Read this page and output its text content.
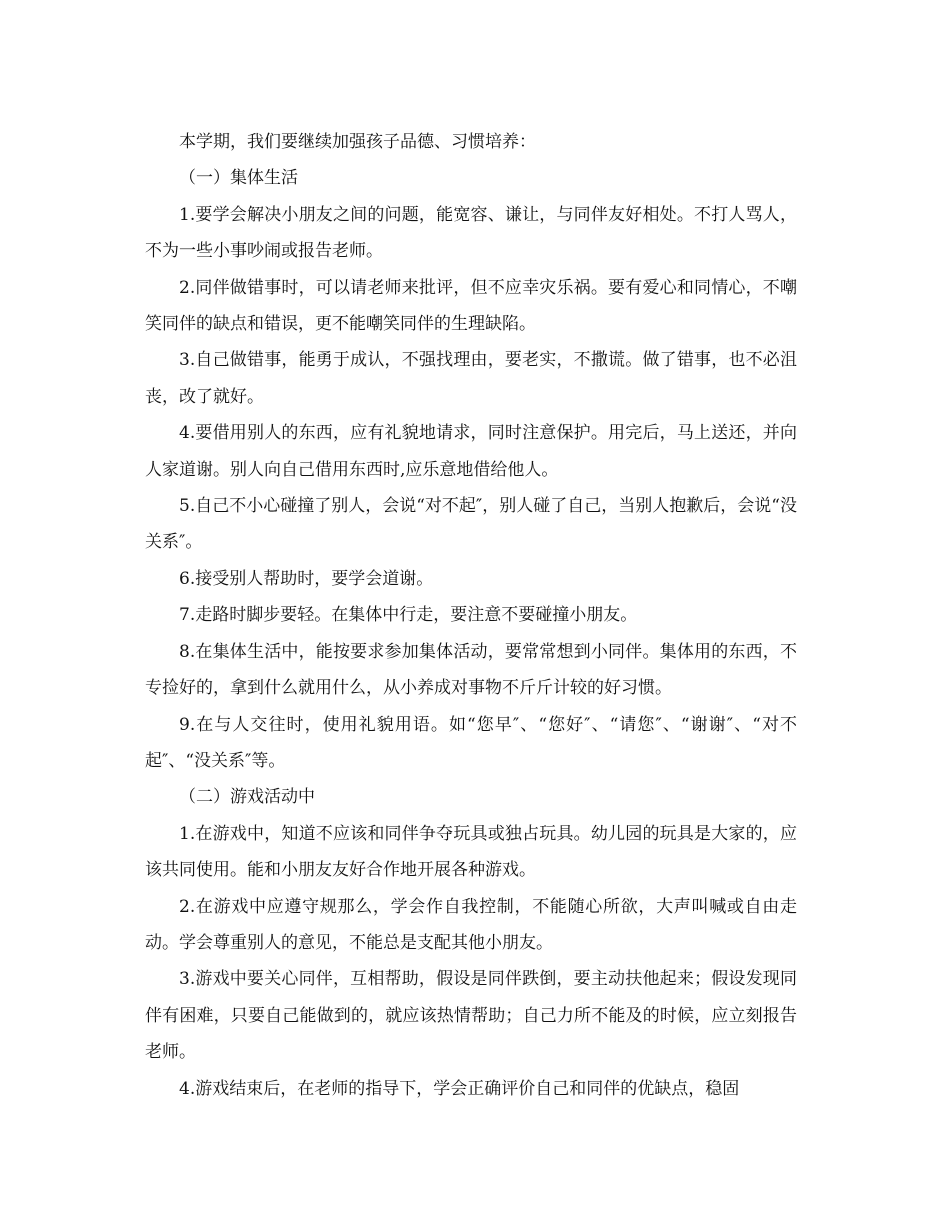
本学期，我们要继续加强孩子品德、习惯培养：

（一）集体生活

1.要学会解决小朋友之间的问题，能宽容、谦让，与同伴友好相处。不打人骂人，不为一些小事吵闹或报告老师。

2.同伴做错事时，可以请老师来批评，但不应幸灾乐祸。要有爱心和同情心，不嘲笑同伴的缺点和错误，更不能嘲笑同伴的生理缺陷。

3.自己做错事，能勇于成认，不强找理由，要老实，不撒谎。做了错事，也不必沮丧，改了就好。

4.要借用别人的东西，应有礼貌地请求，同时注意保护。用完后，马上送还，并向人家道谢。别人向自己借用东西时,应乐意地借给他人。

5.自己不小心碰撞了别人，会说“对不起″，别人碰了自己，当别人抱歉后，会说“没关系″。

6.接受别人帮助时，要学会道谢。

7.走路时脚步要轻。在集体中行走，要注意不要碰撞小朋友。

8.在集体生活中，能按要求参加集体活动，要常常想到小同伴。集体用的东西，不专捡好的，拿到什么就用什么，从小养成对事物不斤斤计较的好习惯。

9.在与人交往时，使用礼貌用语。如“您早″、“您好″、“请您″、“谢谢″、“对不起″、“没关系″等。

（二）游戏活动中

1.在游戏中，知道不应该和同伴争夺玩具或独占玩具。幼儿园的玩具是大家的，应该共同使用。能和小朋友友好合作地开展各种游戏。

2.在游戏中应遵守规那么，学会作自我控制，不能随心所欲，大声叫喊或自由走动。学会尊重别人的意见，不能总是支配其他小朋友。

3.游戏中要关心同伴，互相帮助，假设是同伴跌倒，要主动扶他起来；假设发现同伴有困难，只要自己能做到的，就应该热情帮助；自己力所不能及的时候，应立刻报告老师。

4.游戏结束后，在老师的指导下，学会正确评价自己和同伴的优缺点，稳固
